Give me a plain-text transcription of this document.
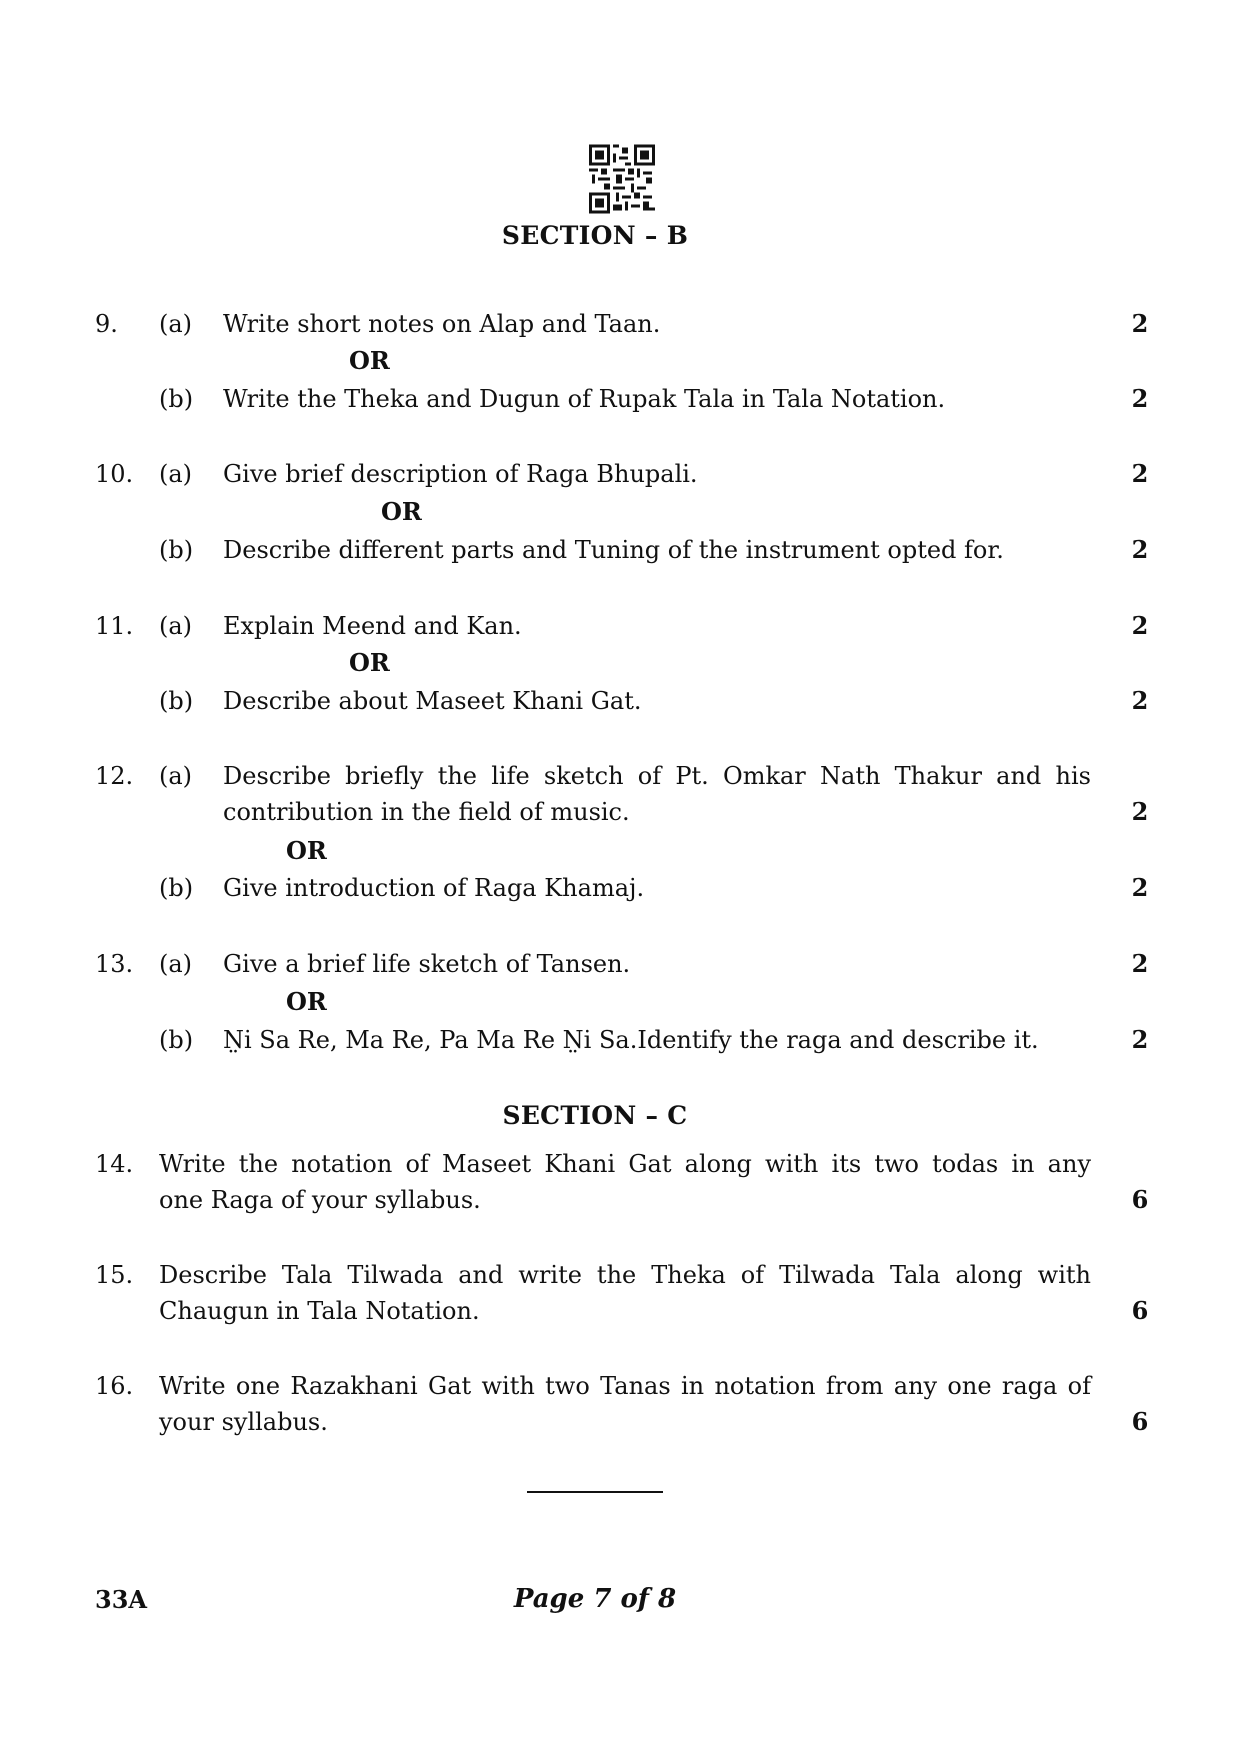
SECTION – B
9. (a) Write short notes on Alap and Taan.	2
OR
(b) Write the Theka and Dugun of Rupak Tala in Tala Notation.	2
10. (a) Give brief description of Raga Bhupali.	2
OR
(b) Describe different parts and Tuning of the instrument opted for.	2
11. (a) Explain Meend and Kan.	2
OR
(b) Describe about Maseet Khani Gat.	2
12. (a) Describe briefly the life sketch of Pt. Omkar Nath Thakur and his
contribution in the field of music.	2
OR
(b) Give introduction of Raga Khamaj.	2
13. (a) Give a brief life sketch of Tansen.	2
OR
(b) N̤i Sa Re, Ma Re, Pa Ma Re N̤i Sa.Identify the raga and describe it.	2
SECTION – C
14. Write the notation of Maseet Khani Gat along with its two todas in any
one Raga of your syllabus.	6
15. Describe Tala Tilwada and write the Theka of Tilwada Tala along with
Chaugun in Tala Notation.	6
16. Write one Razakhani Gat with two Tanas in notation from any one raga of
your syllabus.	6
33A	Page 7 of 8
